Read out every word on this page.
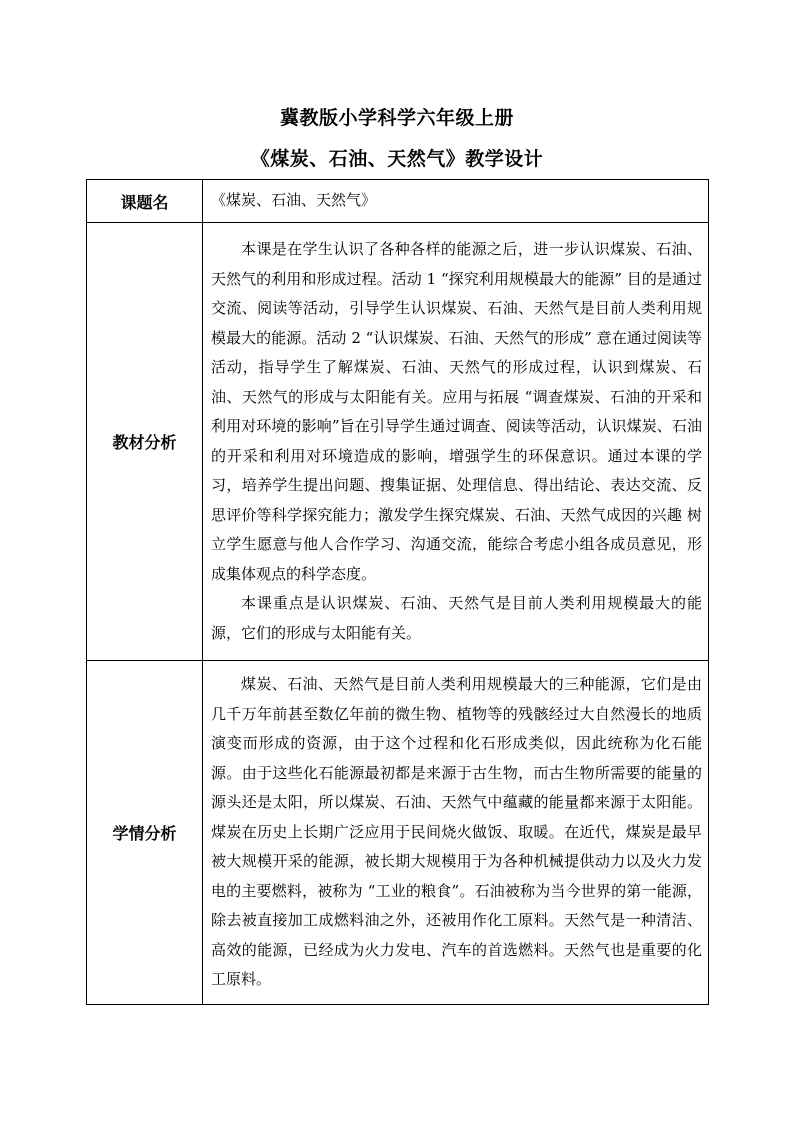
冀教版小学科学六年级上册
《煤炭、石油、天然气》教学设计
课题名	《煤炭、石油、天然气》

教材分析	本课是在学生认识了各种各样的能源之后，进一步认识煤炭、石油、天然气的利用和形成过程。活动 1 “探究利用规模最大的能源” 目的是通过交流、阅读等活动，引导学生认识煤炭、石油、天然气是目前人类利用规模最大的能源。活动 2 “认识煤炭、石油、天然气的形成” 意在通过阅读等活动，指导学生了解煤炭、石油、天然气的形成过程，认识到煤炭、石油、天然气的形成与太阳能有关。应用与拓展 “调查煤炭、石油的开采和利用对环境的影响”旨在引导学生通过调查、阅读等活动，认识煤炭、石油的开采和利用对环境造成的影响，增强学生的环保意识。通过本课的学习，培养学生提出问题、搜集证据、处理信息、得出结论、表达交流、反思评价等科学探究能力；激发学生探究煤炭、石油、天然气成因的兴趣 树立学生愿意与他人合作学习、沟通交流，能综合考虑小组各成员意见，形成集体观点的科学态度。

本课重点是认识煤炭、石油、天然气是目前人类利用规模最大的能源，它们的形成与太阳能有关。

学情分析	煤炭、石油、天然气是目前人类利用规模最大的三种能源，它们是由几千万年前甚至数亿年前的微生物、植物等的残骸经过大自然漫长的地质演变而形成的资源，由于这个过程和化石形成类似，因此统称为化石能源。由于这些化石能源最初都是来源于古生物，而古生物所需要的能量的源头还是太阳，所以煤炭、石油、天然气中蕴藏的能量都来源于太阳能。煤炭在历史上长期广泛应用于民间烧火做饭、取暖。在近代，煤炭是最早被大规模开采的能源，被长期大规模用于为各种机械提供动力以及火力发电的主要燃料，被称为 “工业的粮食”。石油被称为当今世界的第一能源，除去被直接加工成燃料油之外，还被用作化工原料。天然气是一种清洁、高效的能源，已经成为火力发电、汽车的首选燃料。天然气也是重要的化工原料。
